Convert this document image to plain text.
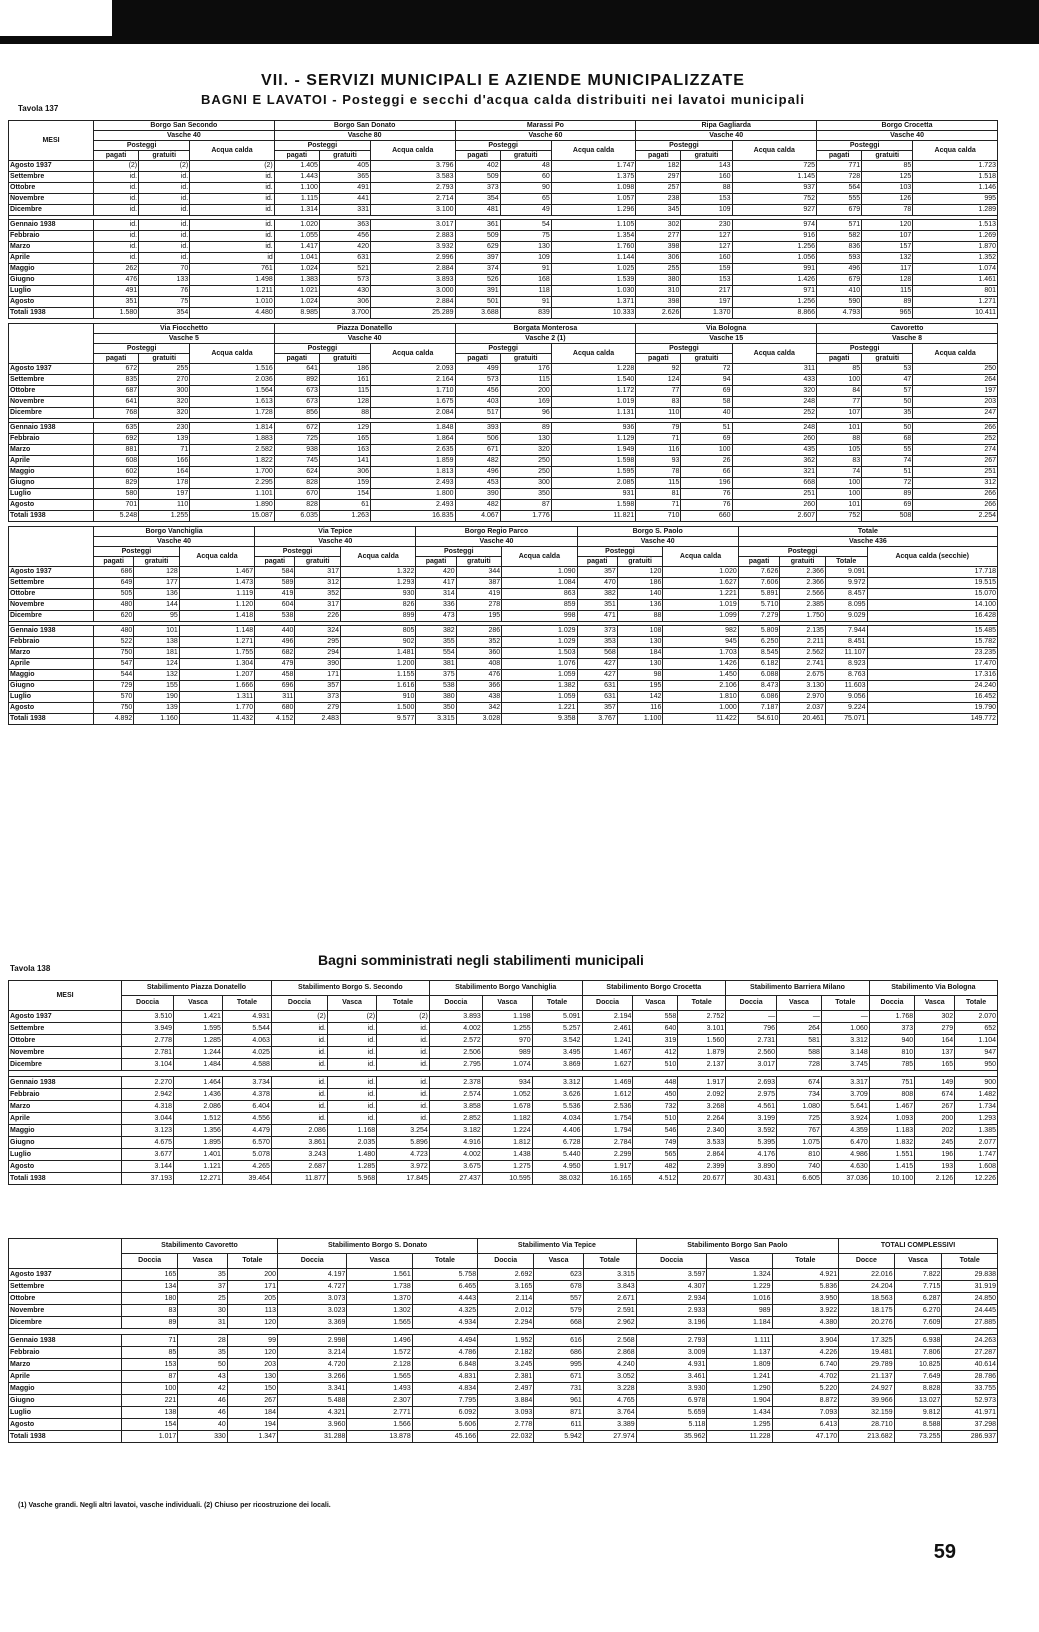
VII. - SERVIZI MUNICIPALI E AZIENDE MUNICIPALIZZATE
Tavola 137
BAGNI E LAVATOI - Posteggi e secchi d'acqua calda distribuiti nei lavatoi municipali
MESI	Borgo San Secondo			Borgo San Donato			Marassi Po			Ripa Gagliarda			Borgo Crocetta		
	Vasche 40			Vasche 80			Vasche 60			Vasche 40			Vasche 40		
	Posteggi		Acqua calda	Posteggi		Acqua calda	Posteggi		Acqua calda	Posteggi		Acqua calda	Posteggi		Acqua calda
	pagati	gratuiti		pagati	gratuiti		pagati	gratuiti		pagati	gratuiti		pagati	gratuiti	
Agosto 1937	(2)	(2)	(2)	1.405	405	3.796	402	48	1.747	182	143	725	771	85	1.723
Settembre	id.	id.	id.	1.443	365	3.583	509	60	1.375	297	160	1.145	728	125	1.518
Ottobre	id.	id.	id.	1.100	491	2.793	373	90	1.098	257	88	937	564	103	1.146
Novembre	id.	id.	id.	1.115	441	2.714	354	65	1.057	238	153	752	555	126	995
Dicembre	id.	id.	id.	1.314	331	3.100	481	49	1.296	345	109	927	679	78	1.289

Gennaio 1938	id.	id.	id.	1.020	363	3.017	361	54	1.105	302	230	974	571	120	1.513
Febbraio	id.	id.	id.	1.055	456	2.883	509	75	1.354	277	127	916	582	107	1.269
Marzo	id.	id.	id.	1.417	420	3.932	629	130	1.760	398	127	1.256	836	157	1.870
Aprile	id.	id.	id	1.041	631	2.996	397	109	1.144	306	160	1.056	593	132	1.352
Maggio	262	70	761	1.024	521	2.884	374	91	1.025	255	159	991	496	117	1.074
Giugno	476	133	1.498	1.383	573	3.893	526	168	1.539	380	153	1.426	679	128	1.461
Luglio	491	76	1.211	1.021	430	3.000	391	118	1.030	310	217	971	410	115	801
Agosto	351	75	1.010	1.024	306	2.884	501	91	1.371	398	197	1.256	590	89	1.271
Totali 1938	1.580	354	4.480	8.985	3.700	25.289	3.688	839	10.333	2.626	1.370	8.866	4.793	965	10.411
	Via Fiocchetto			Piazza Donatello			Borgata Monterosa			Via Bologna			Cavoretto		
	Vasche 5			Vasche 40			Vasche 2 (1)			Vasche 15			Vasche 8		
	Posteggi		Acqua calda	Posteggi		Acqua calda	Posteggi		Acqua calda	Posteggi		Acqua calda	Posteggi		Acqua calda
	pagati	gratuiti		pagati	gratuiti		pagati	gratuiti		pagati	gratuiti		pagati	gratuiti	
Agosto 1937	672	255	1.516	641	186	2.093	499	176	1.228	92	72	311	85	53	250
Settembre	835	270	2.036	892	161	2.164	573	115	1.540	124	94	433	100	47	264
Ottobre	687	300	1.564	673	115	1.710	456	200	1.172	77	69	320	84	57	197
Novembre	641	320	1.613	673	128	1.675	403	169	1.019	83	58	248	77	50	203
Dicembre	768	320	1.728	856	88	2.084	517	96	1.131	110	40	252	107	35	247

Gennaio 1938	635	230	1.814	672	129	1.848	393	89	936	79	51	248	101	50	266
Febbraio	692	139	1.883	725	165	1.864	506	130	1.129	71	69	260	88	68	252
Marzo	881	71	2.582	938	163	2.635	671	320	1.949	116	100	435	105	55	274
Aprile	608	166	1.822	745	141	1.859	482	250	1.598	93	26	362	83	74	267
Maggio	602	164	1.700	624	306	1.813	496	250	1.595	78	66	321	74	51	251
Giugno	829	178	2.295	828	159	2.493	453	300	2.085	115	196	668	100	72	312
Luglio	580	197	1.101	670	154	1.800	390	350	931	81	76	251	100	89	266
Agosto	701	110	1.890	828	61	2.493	482	87	1.598	71	76	260	101	69	266
Totali 1938	5.248	1.255	15.087	6.035	1.263	16.835	4.067	1.776	11.821	710	660	2.607	752	508	2.254
	Borgo Vanchiglia			Via Tepice			Borgo Regio Parco			Borgo S. Paolo			Totale			
	Vasche 40			Vasche 40			Vasche 40			Vasche 40			Vasche 436			
	Posteggi		Acqua calda	Posteggi		Acqua calda	Posteggi		Acqua calda	Posteggi		Acqua calda	Posteggi			Acqua calda (secchie)
	pagati	gratuiti		pagati	gratuiti		pagati	gratuiti		pagati	gratuiti		pagati	gratuiti	Totale	
Agosto 1937	686	128	1.467	584	317	1.322	420	344	1.090	357	120	1.020	7.626	2.366	9.091	17.718
Settembre	649	177	1.473	589	312	1.293	417	387	1.084	470	186	1.627	7.606	2.366	9.972	19.515
Ottobre	505	136	1.119	419	352	930	314	419	863	382	140	1.221	5.891	2.566	8.457	15.070
Novembre	480	144	1.120	604	317	826	336	278	859	351	136	1.019	5.710	2.385	8.095	14.100
Dicembre	620	95	1.418	538	226	899	473	195	998	471	88	1.099	7.279	1.750	9.029	16.428

Gennaio 1938	480	101	1.148	440	324	805	382	286	1.029	373	108	982	5.809	2.135	7.944	15.485
Febbraio	522	138	1.271	496	295	902	355	352	1.029	353	130	945	6.250	2.211	8.451	15.782
Marzo	750	181	1.755	682	294	1.481	554	360	1.503	568	184	1.703	8.545	2.562	11.107	23.235
Aprile	547	124	1.304	479	390	1.200	381	408	1.076	427	130	1.426	6.182	2.741	8.923	17.470
Maggio	544	132	1.207	458	171	1.155	375	476	1.059	427	98	1.450	6.088	2.675	8.763	17.316
Giugno	729	155	1.666	696	357	1.616	538	366	1.382	631	195	2.106	8.473	3.130	11.603	24.240
Luglio	570	190	1.311	311	373	910	380	438	1.059	631	142	1.810	6.086	2.970	9.056	16.452
Agosto	750	139	1.770	680	279	1.500	350	342	1.221	357	116	1.000	7.187	2.037	9.224	19.790
Totali 1938	4.892	1.160	11.432	4.152	2.483	9.577	3.315	3.028	9.358	3.767	1.100	11.422	54.610	20.461	75.071	149.772
Tavola 138
Bagni somministrati negli stabilimenti municipali
MESI	Stabilimento Piazza Donatello			Stabilimento Borgo S. Secondo			Stabilimento Borgo Vanchiglia			Stabilimento Borgo Crocetta			Stabilimento Barriera Milano			Stabilimento Via Bologna		
	Doccia	Vasca	Totale	Doccia	Vasca	Totale	Doccia	Vasca	Totale	Doccia	Vasca	Totale	Doccia	Vasca	Totale	Doccia	Vasca	Totale
Agosto 1937	3.510	1.421	4.931	(2)	(2)	(2)	3.893	1.198	5.091	2.194	558	2.752	—	—	—	1.768	302	2.070
Settembre	3.949	1.595	5.544	id.	id.	id.	4.002	1.255	5.257	2.461	640	3.101	796	264	1.060	373	279	652
Ottobre	2.778	1.285	4.063	id.	id.	id.	2.572	970	3.542	1.241	319	1.560	2.731	581	3.312	940	164	1.104
Novembre	2.781	1.244	4.025	id.	id.	id.	2.506	989	3.495	1.467	412	1.879	2.560	588	3.148	810	137	947
Dicembre	3.104	1.484	4.588	id.	id.	id.	2.795	1.074	3.869	1.627	510	2.137	3.017	728	3.745	785	165	950

Gennaio 1938	2.270	1.464	3.734	id.	id.	id.	2.378	934	3.312	1.469	448	1.917	2.693	674	3.317	751	149	900
Febbraio	2.942	1.436	4.378	id.	id.	id.	2.574	1.052	3.626	1.612	450	2.092	2.975	734	3.709	808	674	1.482
Marzo	4.318	2.086	6.404	id.	id.	id.	3.858	1.678	5.536	2.536	732	3.268	4.561	1.080	5.641	1.467	267	1.734
Aprile	3.044	1.512	4.556	id.	id.	id.	2.852	1.182	4.034	1.754	510	2.264	3.199	725	3.924	1.093	200	1.293
Maggio	3.123	1.356	4.479	2.086	1.168	3.254	3.182	1.224	4.406	1.794	546	2.340	3.592	767	4.359	1.183	202	1.385
Giugno	4.675	1.895	6.570	3.861	2.035	5.896	4.916	1.812	6.728	2.784	749	3.533	5.395	1.075	6.470	1.832	245	2.077
Luglio	3.677	1.401	5.078	3.243	1.480	4.723	4.002	1.438	5.440	2.299	565	2.864	4.176	810	4.986	1.551	196	1.747
Agosto	3.144	1.121	4.265	2.687	1.285	3.972	3.675	1.275	4.950	1.917	482	2.399	3.890	740	4.630	1.415	193	1.608
Totali 1938	37.193	12.271	39.464	11.877	5.968	17.845	27.437	10.595	38.032	16.165	4.512	20.677	30.431	6.605	37.036	10.100	2.126	12.226
	Stabilimento Cavoretto			Stabilimento Borgo S. Donato			Stabilimento Via Tepice			Stabilimento Borgo San Paolo			TOTALI COMPLESSIVI		
	Doccia	Vasca	Totale	Doccia	Vasca	Totale	Doccia	Vasca	Totale	Doccia	Vasca	Totale	Docce	Vasca	Totale
Agosto 1937	165	35	200	4.197	1.561	5.758	2.692	623	3.315	3.597	1.324	4.921	22.016	7.822	29.838
Settembre	134	37	171	4.727	1.738	6.465	3.165	678	3.843	4.307	1.229	5.836	24.204	7.715	31.919
Ottobre	180	25	205	3.073	1.370	4.443	2.114	557	2.671	2.934	1.016	3.950	18.563	6.287	24.850
Novembre	83	30	113	3.023	1.302	4.325	2.012	579	2.591	2.933	989	3.922	18.175	6.270	24.445
Dicembre	89	31	120	3.369	1.565	4.934	2.294	668	2.962	3.196	1.184	4.380	20.276	7.609	27.885

Gennaio 1938	71	28	99	2.998	1.496	4.494	1.952	616	2.568	2.793	1.111	3.904	17.325	6.938	24.263
Febbraio	85	35	120	3.214	1.572	4.786	2.182	686	2.868	3.009	1.137	4.226	19.481	7.806	27.287
Marzo	153	50	203	4.720	2.128	6.848	3.245	995	4.240	4.931	1.809	6.740	29.789	10.825	40.614
Aprile	87	43	130	3.266	1.565	4.831	2.381	671	3.052	3.461	1.241	4.702	21.137	7.649	28.786
Maggio	100	42	150	3.341	1.493	4.834	2.497	731	3.228	3.930	1.290	5.220	24.927	8.828	33.755
Giugno	221	46	267	5.488	2.307	7.795	3.884	961	4.765	6.978	1.904	8.872	39.966	13.027	52.973
Luglio	138	46	184	4.321	2.771	6.092	3.093	871	3.764	5.659	1.434	7.093	32.159	9.812	41.971
Agosto	154	40	194	3.960	1.566	5.606	2.778	611	3.389	5.118	1.295	6.413	28.710	8.588	37.298
Totali 1938	1.017	330	1.347	31.288	13.878	45.166	22.032	5.942	27.974	35.962	11.228	47.170	213.682	73.255	286.937
(1) Vasche grandi. Negli altri lavatoi, vasche individuali. (2) Chiuso per ricostruzione dei locali.
59
